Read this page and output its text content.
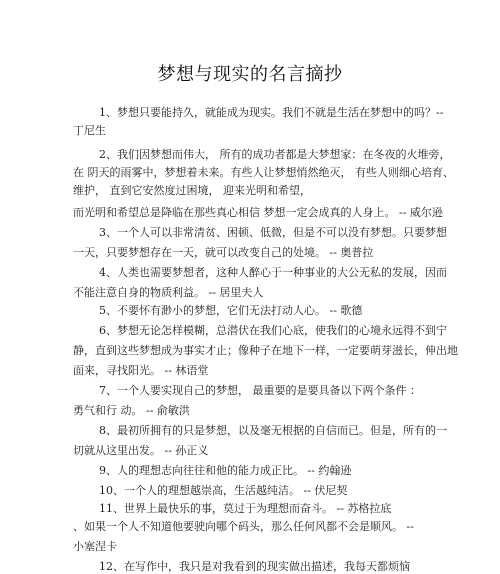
梦想与现实的名言摘抄
1、梦想只要能持久，就能成为现实。我们不就是生活在梦想中的吗？--
丁尼生
2、我们因梦想而伟大， 所有的成功者都是大梦想家：在冬夜的火堆旁，
在 阴天的雨雾中，梦想着未来。有些人让梦想悄然绝灭， 有些人则细心培育、
维护， 直到它安然度过困境， 迎来光明和希望，
而光明和希望总是降临在那些真心相信 梦想一定会成真的人身上。 -- 威尔逊
3、一个人可以非常清贫、困顿、低微，但是不可以没有梦想。只要梦想
一天，只要梦想存在一天，就可以改变自己的处境。 -- 奥普拉
4、人类也需要梦想者，这种人醉心于一种事业的大公无私的发展，因而
不能注意自身的物质利益。 -- 居里夫人
5、不要怀有渺小的梦想，它们无法打动人心。 -- 歌德
6、梦想无论怎样模糊，总潜伏在我们心底，使我们的心境永远得不到宁
静，直到这些梦想成为事实才止；像种子在地下一样，一定要萌芽滋长，伸出地
面来，寻找阳光。 -- 林语堂
7、一个人要实现自己的梦想， 最重要的是要具备以下两个条件 ：
勇气和行 动。 -- 俞敏洪
8、最初所拥有的只是梦想，以及毫无根据的自信而已。但是，所有的一
切就从这里出发。 -- 孙正义
9、人的理想志向往往和他的能力成正比。 -- 约翰逊
10、一个人的理想越崇高，生活越纯洁。 -- 伏尼契
11、世界上最快乐的事，莫过于为理想而奋斗。 -- 苏格拉底
、如果一个人不知道他要驶向哪个码头，那么任何风都不会是顺风。 --
小塞涅卡
12、在写作中，我只是对我看到的现实做出描述，我每天都烦恼
